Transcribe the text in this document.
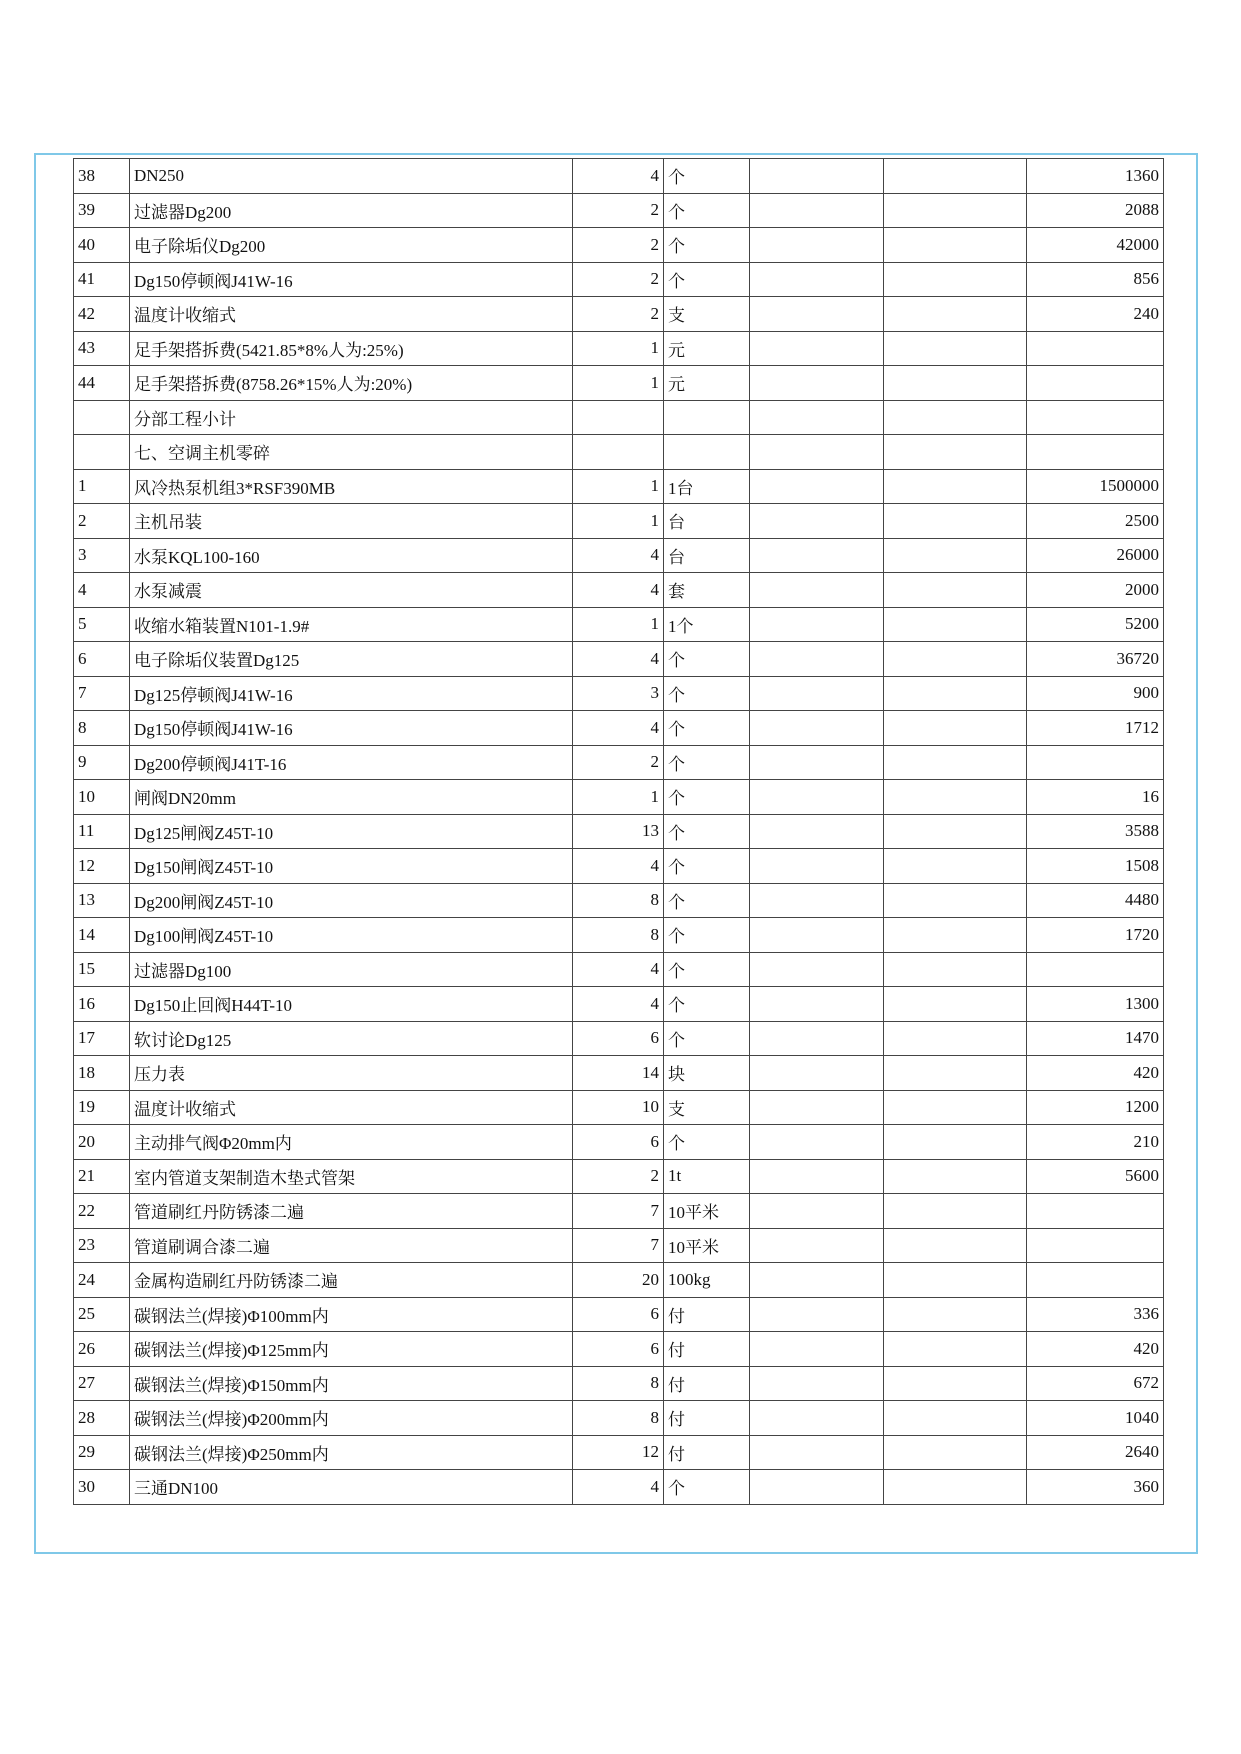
38	DN250	4	个			1360
39	过滤器Dg200	2	个			2088
40	电子除垢仪Dg200	2	个			42000
41	Dg150停顿阀J41W-16	2	个			856
42	温度计收缩式	2	支			240
43	足手架搭拆费(5421.85*8%人为:25%)	1	元			
44	足手架搭拆费(8758.26*15%人为:20%)	1	元			
	分部工程小计					
	七、空调主机零碎					
1	风冷热泵机组3*RSF390MB	1	1台			1500000
2	主机吊装	1	台			2500
3	水泵KQL100-160	4	台			26000
4	水泵减震	4	套			2000
5	收缩水箱装置N101-1.9#	1	1个			5200
6	电子除垢仪装置Dg125	4	个			36720
7	Dg125停顿阀J41W-16	3	个			900
8	Dg150停顿阀J41W-16	4	个			1712
9	Dg200停顿阀J41T-16	2	个			
10	闸阀DN20mm	1	个			16
11	Dg125闸阀Z45T-10	13	个			3588
12	Dg150闸阀Z45T-10	4	个			1508
13	Dg200闸阀Z45T-10	8	个			4480
14	Dg100闸阀Z45T-10	8	个			1720
15	过滤器Dg100	4	个			
16	Dg150止回阀H44T-10	4	个			1300
17	软讨论Dg125	6	个			1470
18	压力表	14	块			420
19	温度计收缩式	10	支			1200
20	主动排气阀Φ20mm内	6	个			210
21	室内管道支架制造木垫式管架	2	1t			5600
22	管道刷红丹防锈漆二遍	7	10平米			
23	管道刷调合漆二遍	7	10平米			
24	金属构造刷红丹防锈漆二遍	20	100kg			
25	碳钢法兰(焊接)Φ100mm内	6	付			336
26	碳钢法兰(焊接)Φ125mm内	6	付			420
27	碳钢法兰(焊接)Φ150mm内	8	付			672
28	碳钢法兰(焊接)Φ200mm内	8	付			1040
29	碳钢法兰(焊接)Φ250mm内	12	付			2640
30	三通DN100	4	个			360
